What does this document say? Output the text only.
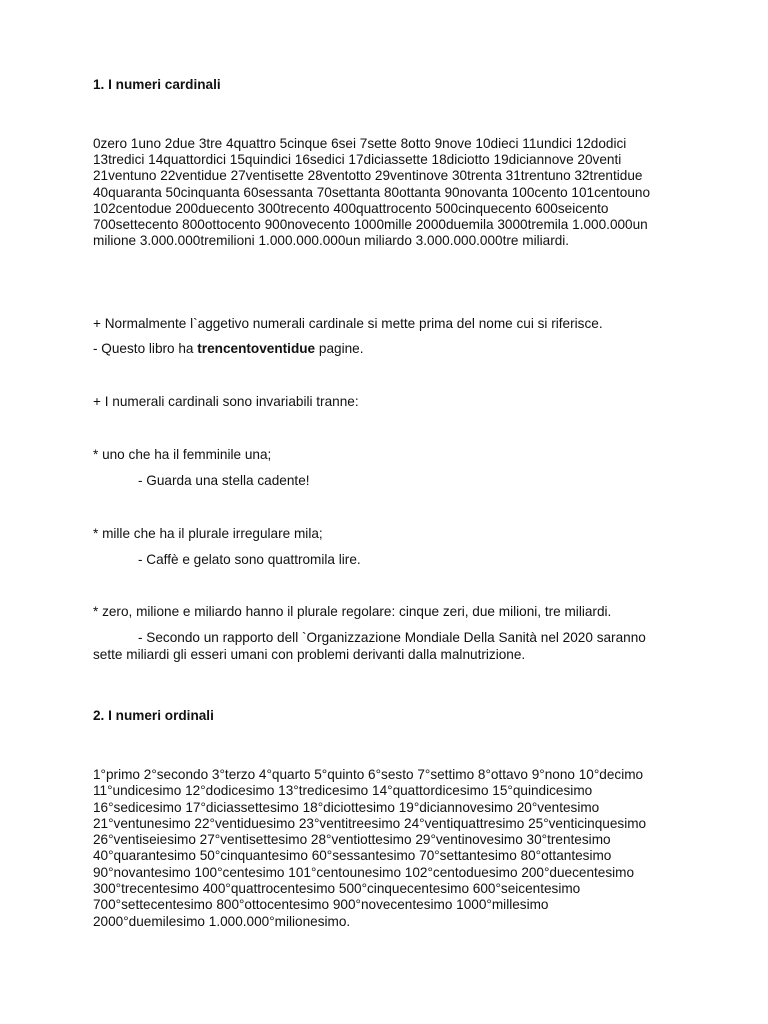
1. I numeri cardinali

0zero 1uno 2due 3tre 4quattro 5cinque 6sei 7sette 8otto 9nove 10dieci 11undici 12dodici 13tredici 14quattordici 15quindici 16sedici 17diciassette 18diciotto 19diciannove 20venti 21ventuno 22ventidue 27ventisette 28ventotto 29ventinove 30trenta 31trentuno 32trentidue 40quaranta 50cinquanta 60sessanta 70settanta 80ottanta 90novanta 100cento 101centouno 102centodue 200duecento 300trecento 400quattrocento 500cinquecento 600seicento 700settecento 800ottocento 900novecento 1000mille 2000duemila 3000tremila 1.000.000un milione 3.000.000tremilioni 1.000.000.000un miliardo 3.000.000.000tre miliardi.

+ Normalmente l`aggetivo numerali cardinale si mette prima del nome cui si riferisce.

- Questo libro ha trencentoventidue pagine.

+ I numerali cardinali sono invariabili tranne:

* uno che ha il femminile una;

- Guarda una stella cadente!

* mille che ha il plurale irregulare mila;

- Caffè e gelato sono quattromila lire.

* zero, milione e miliardo hanno il plurale regolare: cinque zeri, due milioni, tre miliardi.

- Secondo un rapporto dell `Organizzazione Mondiale Della Sanità nel 2020 saranno

sette miliardi gli esseri umani con problemi derivanti dalla malnutrizione.

2. I numeri ordinali

1°primo 2°secondo 3°terzo 4°quarto 5°quinto 6°sesto 7°settimo 8°ottavo 9°nono 10°decimo
11°undicesimo 12°dodicesimo 13°tredicesimo 14°quattordicesimo 15°quindicesimo
16°sedicesimo 17°diciassettesimo 18°diciottesimo 19°diciannovesimo 20°ventesimo
21°ventunesimo 22°ventiduesimo 23°ventitreesimo 24°ventiquattresimo 25°venticinquesimo
26°ventiseiesimo 27°ventisettesimo 28°ventiottesimo 29°ventinovesimo 30°trentesimo
40°quarantesimo 50°cinquantesimo 60°sessantesimo 70°settantesimo 80°ottantesimo
90°novantesimo 100°centesimo 101°centounesimo 102°centoduesimo 200°duecentesimo
300°trecentesimo 400°quattrocentesimo 500°cinquecentesimo 600°seicentesimo
700°settecentesimo 800°ottocentesimo 900°novecentesimo 1000°millesimo
2000°duemilesimo 1.000.000°milionesimo.
